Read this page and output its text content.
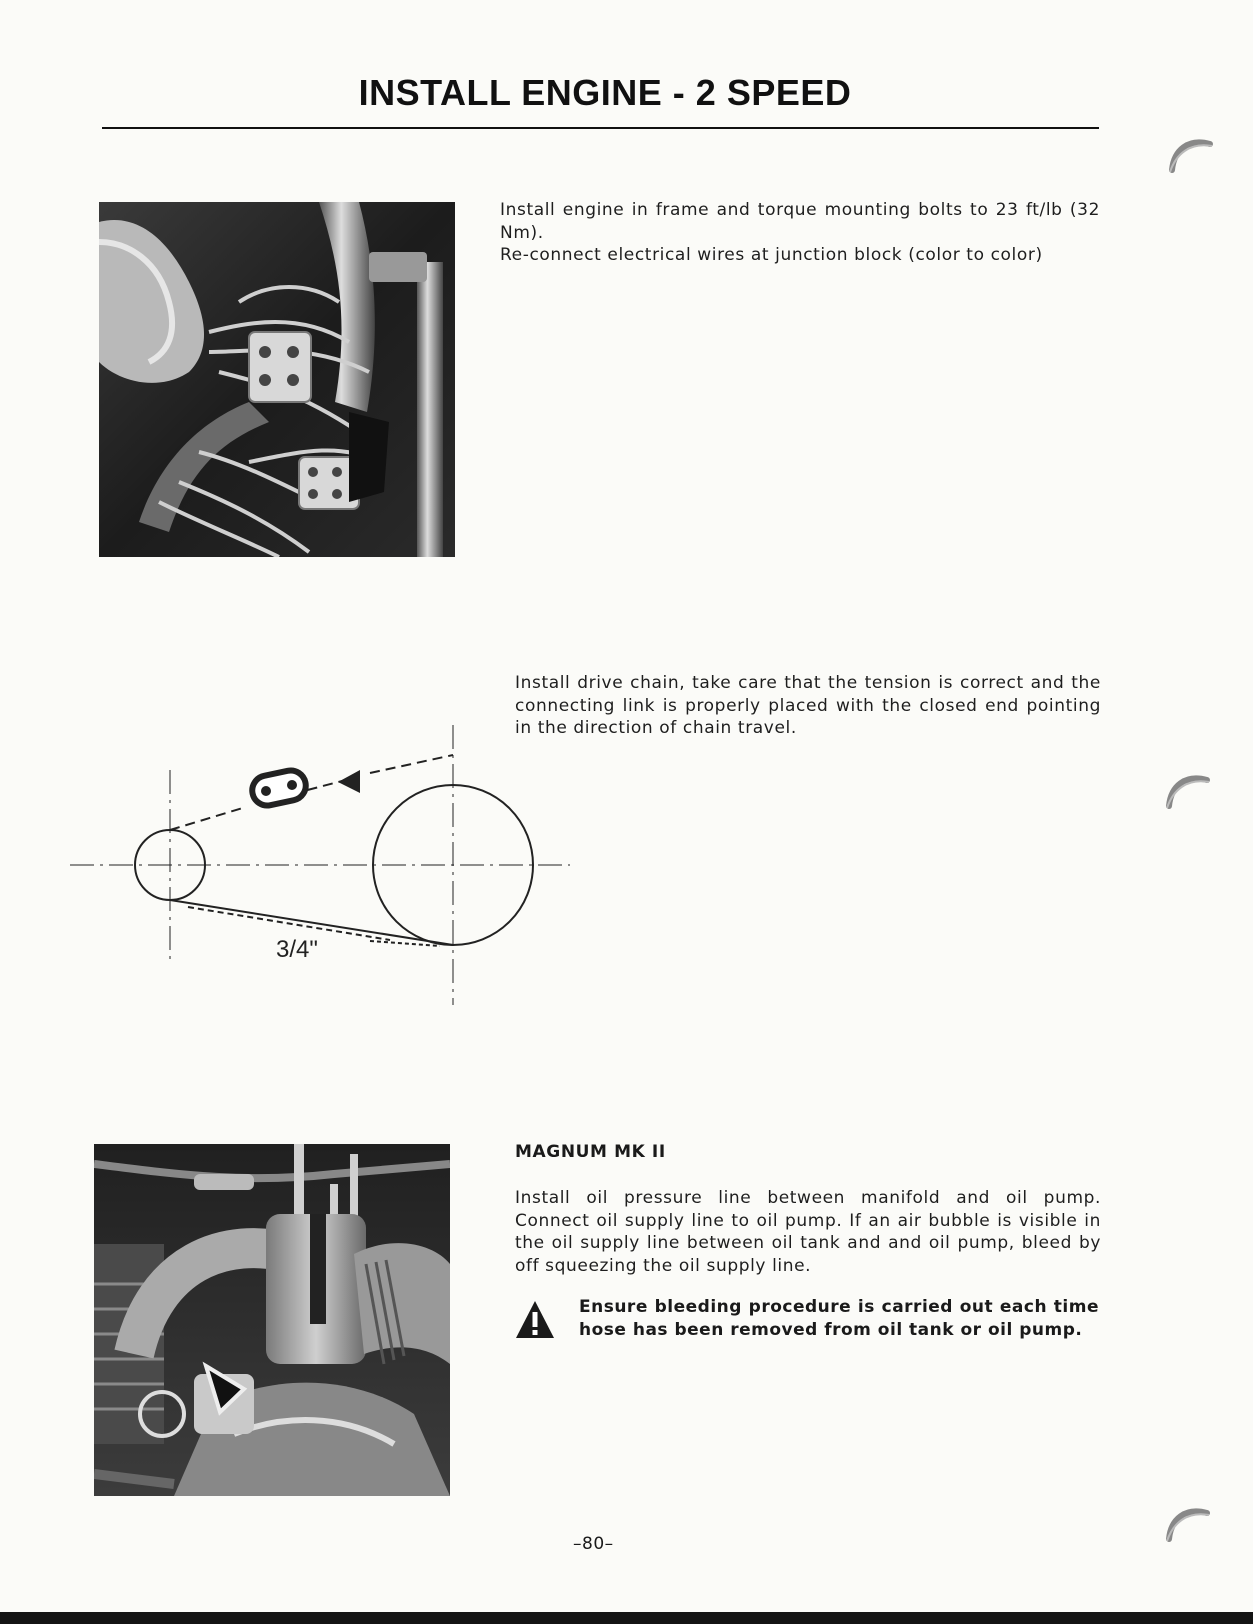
INSTALL ENGINE - 2 SPEED

Install engine in frame and torque mounting bolts to 23 ft/lb (32 Nm).

Re-connect electrical wires at junction block (color to color)

3/4"
Install drive chain, take care that the tension is correct and the connecting link is properly placed with the closed end pointing in the direction of chain travel.
MAGNUM MK II
Install oil pressure line between manifold and oil pump. Connect oil supply line to oil pump. If an air bubble is visible in the oil supply line between oil tank and and oil pump, bleed by off squeezing the oil supply line.
Ensure bleeding procedure is carried out each time hose has been removed from oil tank or oil pump.
–80–
